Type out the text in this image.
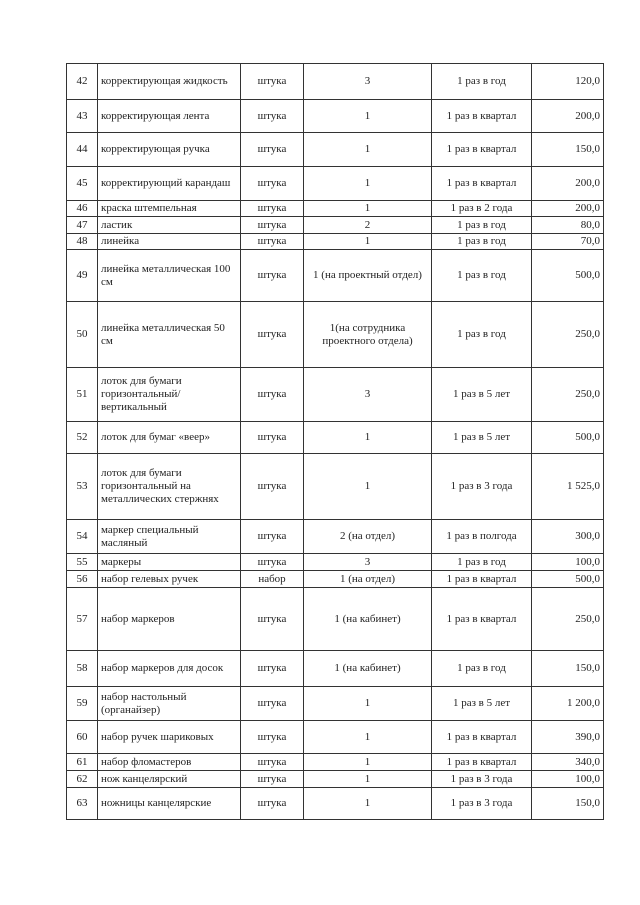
42	корректирующая жидкость	штука	3	1 раз в год	120,0
43	корректирующая лента	штука	1	1 раз в квартал	200,0
44	корректирующая ручка	штука	1	1 раз в квартал	150,0
45	корректирующий карандаш	штука	1	1 раз в квартал	200,0
46	краска штемпельная	штука	1	1 раз в 2 года	200,0
47	ластик	штука	2	1 раз в год	80,0
48	линейка	штука	1	1 раз в год	70,0
49	линейка металлическая 100 см	штука	1 (на проектный отдел)	1 раз в год	500,0
50	линейка металлическая 50 см	штука	1(на сотрудника проектного отдела)	1 раз в год	250,0
51	лоток для бумаги горизонтальный/вертикальный	штука	3	1 раз в 5 лет	250,0
52	лоток для бумаг «веер»	штука	1	1 раз в 5 лет	500,0
53	лоток для бумаги горизонтальный на металлических стержнях	штука	1	1 раз в 3 года	1 525,0
54	маркер специальный масляный	штука	2 (на отдел)	1 раз в полгода	300,0
55	маркеры	штука	3	1 раз в год	100,0
56	набор гелевых ручек	набор	1 (на отдел)	1 раз в квартал	500,0
57	набор маркеров	штука	1 (на кабинет)	1 раз в квартал	250,0
58	набор маркеров для досок	штука	1 (на кабинет)	1 раз в год	150,0
59	набор настольный (органайзер)	штука	1	1 раз в 5 лет	1 200,0
60	набор ручек шариковых	штука	1	1 раз в квартал	390,0
61	набор фломастеров	штука	1	1 раз в квартал	340,0
62	нож канцелярский	штука	1	1 раз в 3 года	100,0
63	ножницы канцелярские	штука	1	1 раз в 3 года	150,0
